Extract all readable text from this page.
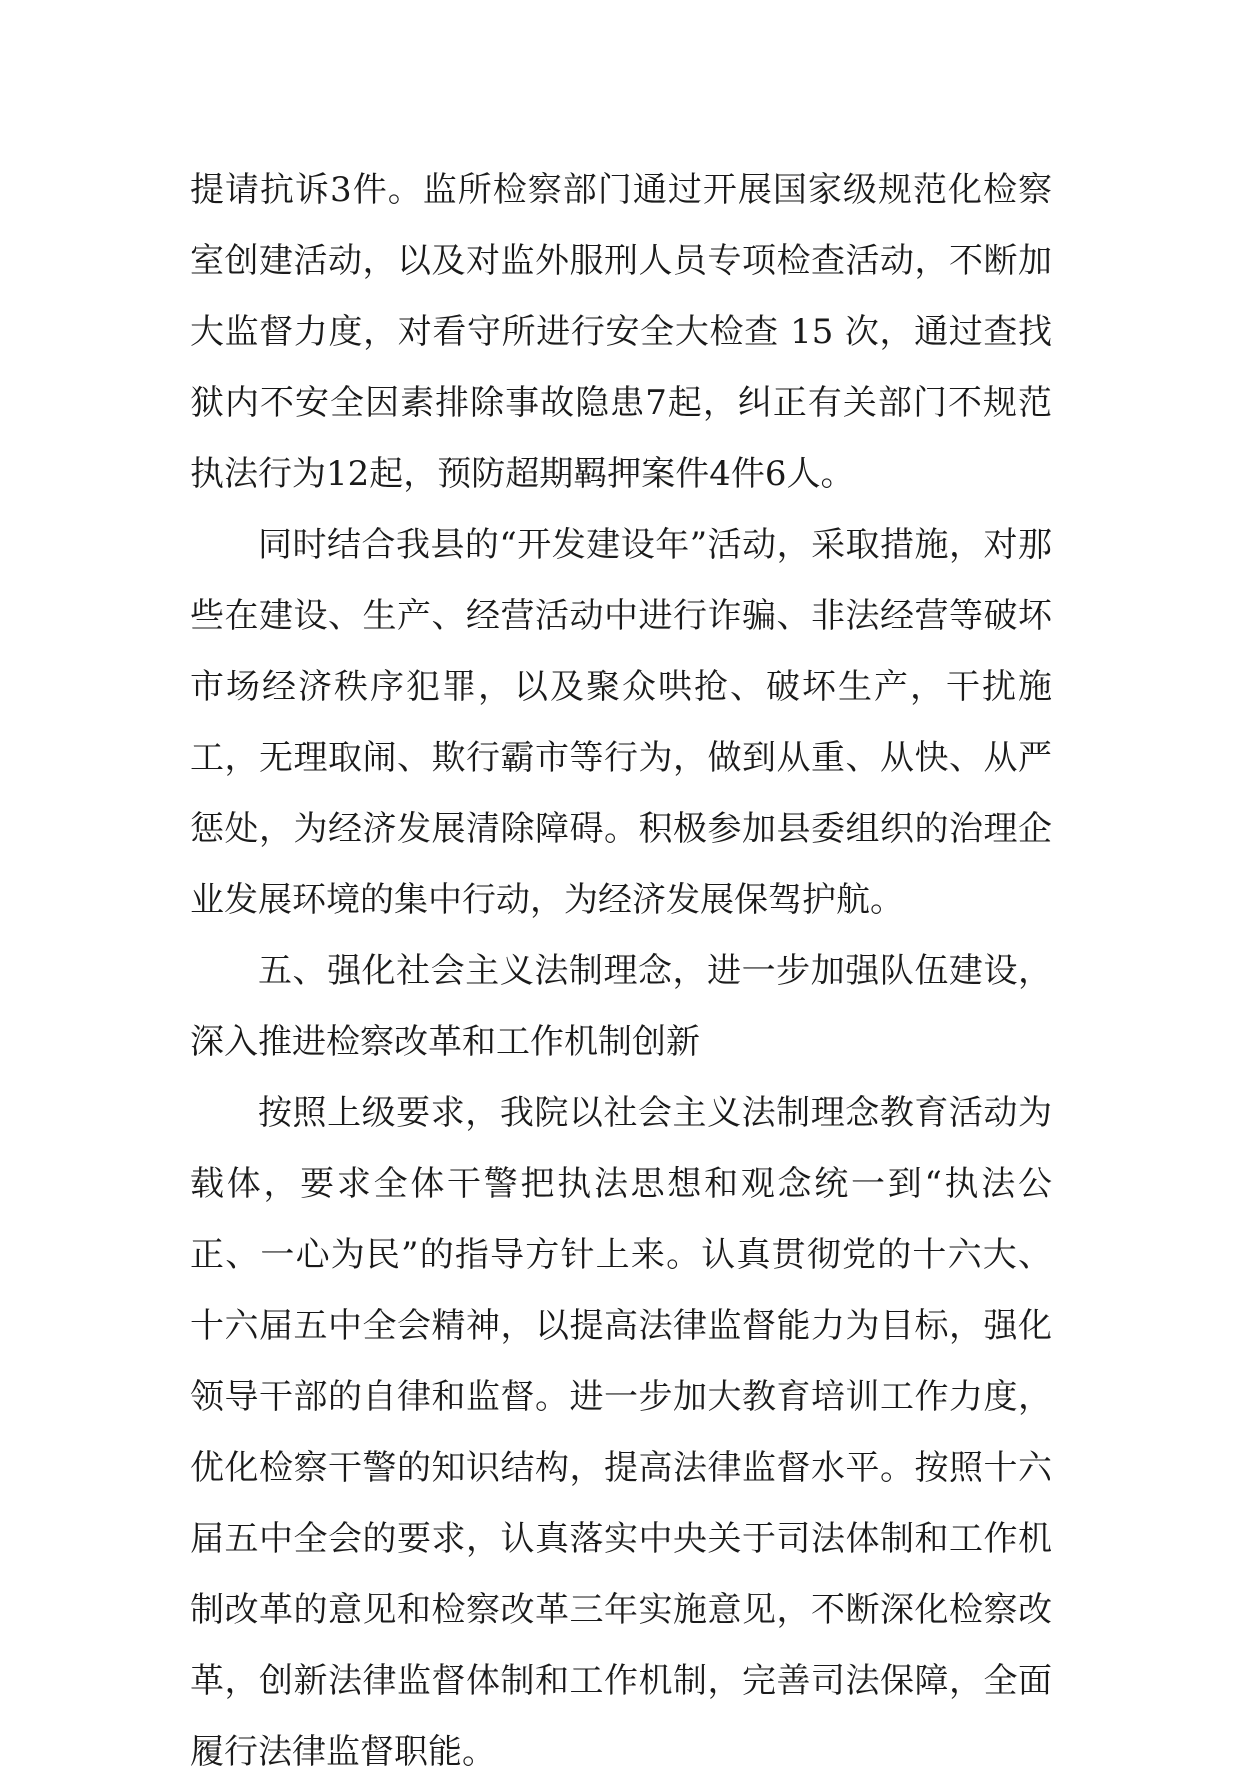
提请抗诉3件。监所检察部门通过开展国家级规范化检察室创建活动，以及对监外服刑人员专项检查活动，不断加大监督力度，对看守所进行安全大检查 15 次，通过查找狱内不安全因素排除事故隐患7起，纠正有关部门不规范执法行为12起，预防超期羁押案件4件6人。

同时结合我县的“开发建设年”活动，采取措施，对那些在建设、生产、经营活动中进行诈骗、非法经营等破坏市场经济秩序犯罪，以及聚众哄抢、破坏生产，干扰施工，无理取闹、欺行霸市等行为，做到从重、从快、从严惩处，为经济发展清除障碍。积极参加县委组织的治理企业发展环境的集中行动，为经济发展保驾护航。

五、强化社会主义法制理念，进一步加强队伍建设，深入推进检察改革和工作机制创新

按照上级要求，我院以社会主义法制理念教育活动为载体，要求全体干警把执法思想和观念统一到“执法公正、一心为民”的指导方针上来。认真贯彻党的十六大、十六届五中全会精神，以提高法律监督能力为目标，强化领导干部的自律和监督。进一步加大教育培训工作力度，优化检察干警的知识结构，提高法律监督水平。按照十六届五中全会的要求，认真落实中央关于司法体制和工作机制改革的意见和检察改革三年实施意见，不断深化检察改革，创新法律监督体制和工作机制，完善司法保障，全面履行法律监督职能。
